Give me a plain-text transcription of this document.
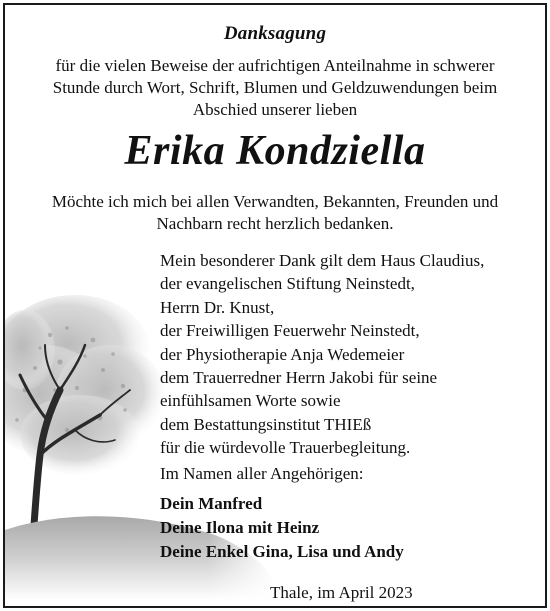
Danksagung
für die vielen Beweise der aufrichtigen Anteilnahme in schwerer
Stunde durch Wort, Schrift, Blumen und Geldzuwendungen beim
Abschied unserer lieben
Erika Kondziella
Möchte ich mich bei allen Verwandten, Bekannten, Freunden und
Nachbarn recht herzlich bedanken.
Mein besonderer Dank gilt dem Haus Claudius,
der evangelischen Stiftung Neinstedt,
Herrn Dr. Knust,
der Freiwilligen Feuerwehr Neinstedt,
der Physiotherapie Anja Wedemeier
dem Trauerredner Herrn Jakobi für seine
einfühlsamen Worte sowie
dem Bestattungsinstitut THIEß
für die würdevolle Trauerbegleitung.
Im Namen aller Angehörigen:
Dein Manfred
Deine Ilona mit Heinz
Deine Enkel Gina, Lisa und Andy
Thale, im April 2023
